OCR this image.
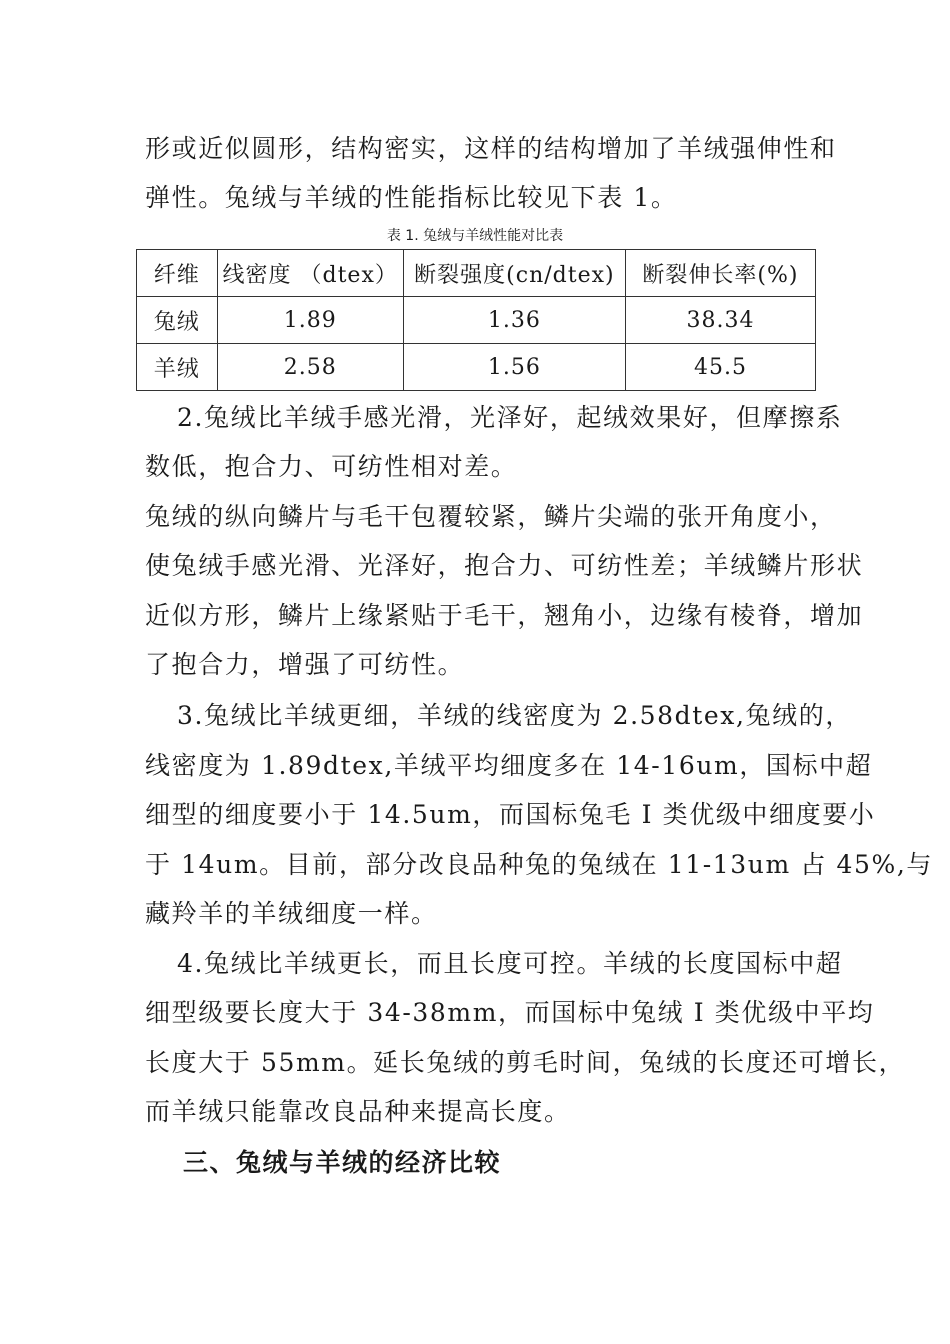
形或近似圆形，结构密实，这样的结构增加了羊绒强伸性和
弹性。兔绒与羊绒的性能指标比较见下表 1。
表 1. 兔绒与羊绒性能对比表
纤维	线密度 （dtex）	断裂强度(cn/dtex)	断裂伸长率(%)
兔绒	1.89	1.36	38.34
羊绒	2.58	1.56	45.5
2.兔绒比羊绒手感光滑，光泽好，起绒效果好，但摩擦系
数低，抱合力、可纺性相对差。
兔绒的纵向鳞片与毛干包覆较紧，鳞片尖端的张开角度小，
使兔绒手感光滑、光泽好，抱合力、可纺性差；羊绒鳞片形状
近似方形，鳞片上缘紧贴于毛干，翘角小，边缘有棱脊，增加
了抱合力，增强了可纺性。
3.兔绒比羊绒更细，羊绒的线密度为 2.58dtex,兔绒的，
线密度为 1.89dtex,羊绒平均细度多在 14-16um，国标中超
细型的细度要小于 14.5um，而国标兔毛 I 类优级中细度要小
于 14um。目前，部分改良品种兔的兔绒在 11-13um 占 45%,与
藏羚羊的羊绒细度一样。
4.兔绒比羊绒更长，而且长度可控。羊绒的长度国标中超
细型级要长度大于 34-38mm，而国标中兔绒 I 类优级中平均
长度大于 55mm。延长兔绒的剪毛时间，兔绒的长度还可增长，
而羊绒只能靠改良品种来提高长度。
三、兔绒与羊绒的经济比较
